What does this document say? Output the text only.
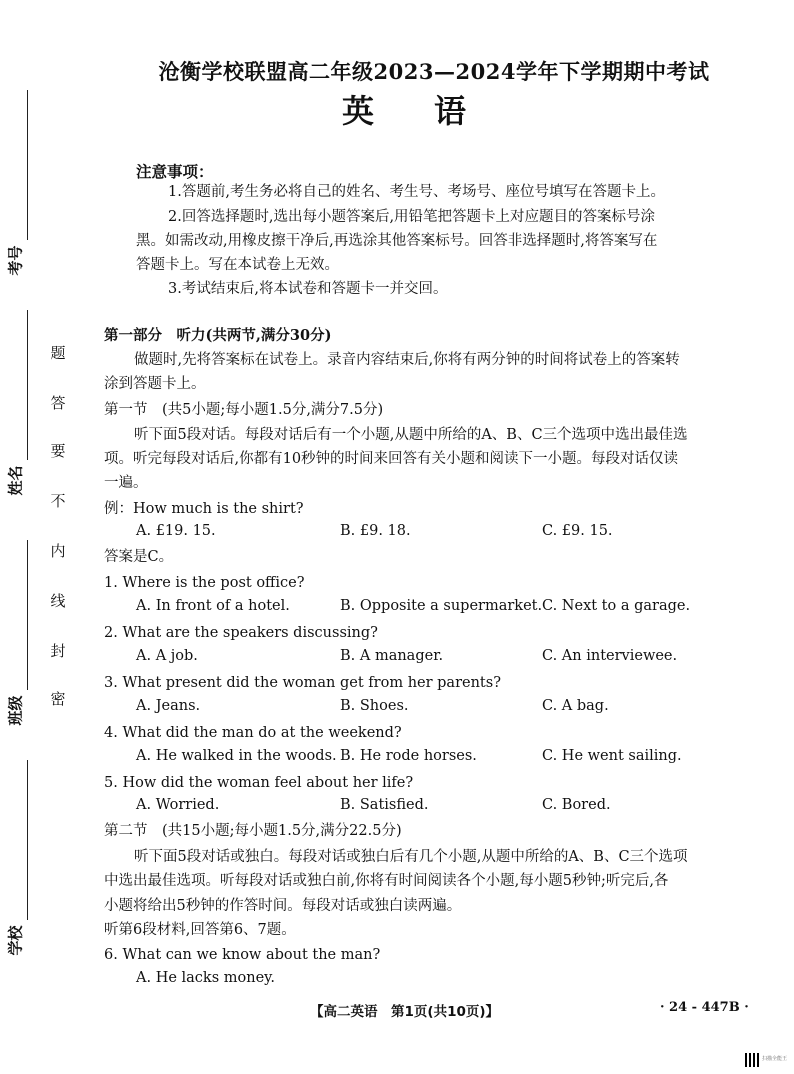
考号
姓名
班级
学校
题
答
要
不
内
线
封
密
沧衡学校联盟高二年级2023—2024学年下学期期中考试
英语
注意事项：
1.答题前,考生务必将自己的姓名、考生号、考场号、座位号填写在答题卡上。
2.回答选择题时,选出每小题答案后,用铅笔把答题卡上对应题目的答案标号涂
黑。如需改动,用橡皮擦干净后,再选涂其他答案标号。回答非选择题时,将答案写在
答题卡上。写在本试卷上无效。
3.考试结束后,将本试卷和答题卡一并交回。
第一部分　听力(共两节,满分30分)
做题时,先将答案标在试卷上。录音内容结束后,你将有两分钟的时间将试卷上的答案转
涂到答题卡上。
第一节　(共5小题;每小题1.5分,满分7.5分)
听下面5段对话。每段对话后有一个小题,从题中所给的A、B、C三个选项中选出最佳选
项。听完每段对话后,你都有10秒钟的时间来回答有关小题和阅读下一小题。每段对话仅读
一遍。
例：How much is the shirt?
A. £19. 15.	B. £9. 18.	C. £9. 15.
答案是C。
1. Where is the post office?
A. In front of a hotel.	B. Opposite a supermarket. C. Next to a garage.
2. What are the speakers discussing?
A. A job.	B. A manager.	C. An interviewee.
3. What present did the woman get from her parents?
A. Jeans.	B. Shoes.	C. A bag.
4. What did the man do at the weekend?
A. He walked in the woods. B. He rode horses.	C. He went sailing.
5. How did the woman feel about her life?
A. Worried.	B. Satisfied.	C. Bored.
第二节　(共15小题;每小题1.5分,满分22.5分)
听下面5段对话或独白。每段对话或独白后有几个小题,从题中所给的A、B、C三个选项
中选出最佳选项。听每段对话或独白前,你将有时间阅读各个小题,每小题5秒钟;听完后,各
小题将给出5秒钟的作答时间。每段对话或独白读两遍。
听第6段材料,回答第6、7题。
6. What can we know about the man?
A. He lacks money.
【高二英语　第1页(共10页)】	· 24 - 447B ·
扫描全能王
